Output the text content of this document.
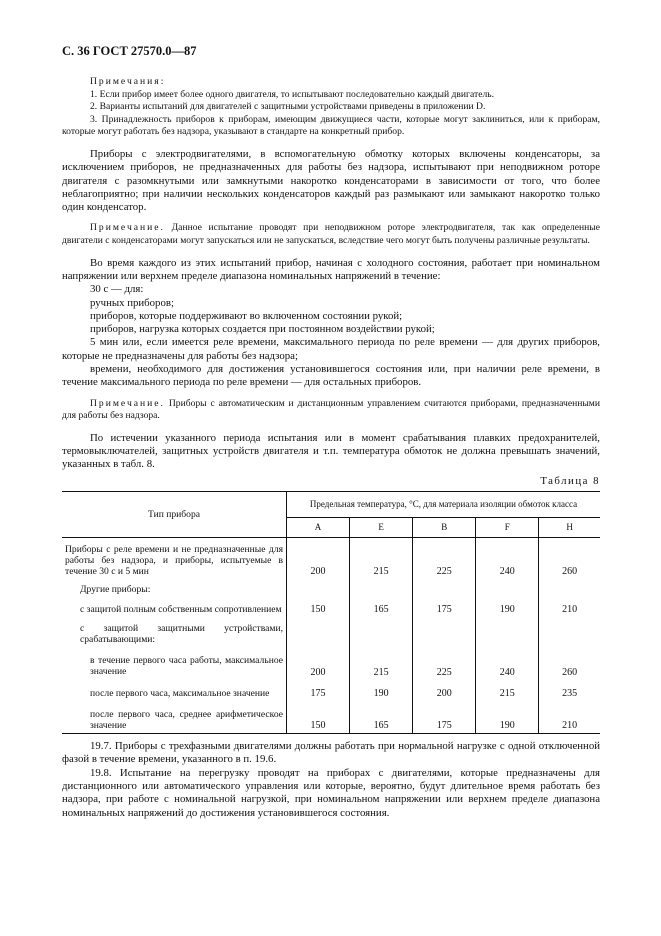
С. 36 ГОСТ 27570.0—87

Примечания:

1. Если прибор имеет более одного двигателя, то испытывают последовательно каждый двигатель.

2. Варианты испытаний для двигателей с защитными устройствами приведены в приложении D.

3. Принадлежность приборов к приборам, имеющим движущиеся части, которые могут заклиниться, или к приборам, которые могут работать без надзора, указывают в стандарте на конкретный прибор.

Приборы с электродвигателями, в вспомогательную обмотку которых включены конденсаторы, за исключением приборов, не предназначенных для работы без надзора, испытывают при неподвижном роторе двигателя с разомкнутыми или замкнутыми накоротко конденсаторами в зависимости от того, что более неблагоприятно; при наличии нескольких конденсаторов каждый раз размыкают или замыкают накоротко только один конденсатор.

Примечание. Данное испытание проводят при неподвижном роторе электродвигателя, так как определенные двигатели с конденсаторами могут запускаться или не запускаться, вследствие чего могут быть получены различные результаты.

Во время каждого из этих испытаний прибор, начиная с холодного состояния, работает при номинальном напряжении или верхнем пределе диапазона номинальных напряжений в течение:

30 с — для:

ручных приборов;

приборов, которые поддерживают во включенном состоянии рукой;

приборов, нагрузка которых создается при постоянном воздействии рукой;

5 мин или, если имеется реле времени, максимального периода по реле времени — для других приборов, которые не предназначены для работы без надзора;

времени, необходимого для достижения установившегося состояния или, при наличии реле времени, в течение максимального периода по реле времени — для остальных приборов.

Примечание. Приборы с автоматическим и дистанционным управлением считаются приборами, предназначенными для работы без надзора.

По истечении указанного периода испытания или в момент срабатывания плавких предохранителей, термовыключателей, защитных устройств двигателя и т.п. температура обмоток не должна превышать значений, указанных в табл. 8.

Таблица 8
Тип прибора	Предельная температура, °С, для материала изоляции обмоток класса				
	A	E	B	F	H
Приборы с реле времени и не предназначенные для работы без надзора, и приборы, испытуемые в течение 30 с и 5 мин	200	215	225	240	260
Другие приборы:					
с защитой полным собственным сопротивлением	150	165	175	190	210
с защитой защитными устройствами, срабатывающими:					
в течение первого часа работы, максимальное значение	200	215	225	240	260
после первого часа, максимальное значение	175	190	200	215	235
после первого часа, среднее арифметическое значение	150	165	175	190	210

19.7. Приборы с трехфазными двигателями должны работать при нормальной нагрузке с одной отключенной фазой в течение времени, указанного в п. 19.6.

19.8. Испытание на перегрузку проводят на приборах с двигателями, которые предназначены для дистанционного или автоматического управления или которые, вероятно, будут длительное время работать без надзора, при работе с номинальной нагрузкой, при номинальном напряжении или верхнем пределе диапазона номинальных напряжений до достижения установившегося состояния.
